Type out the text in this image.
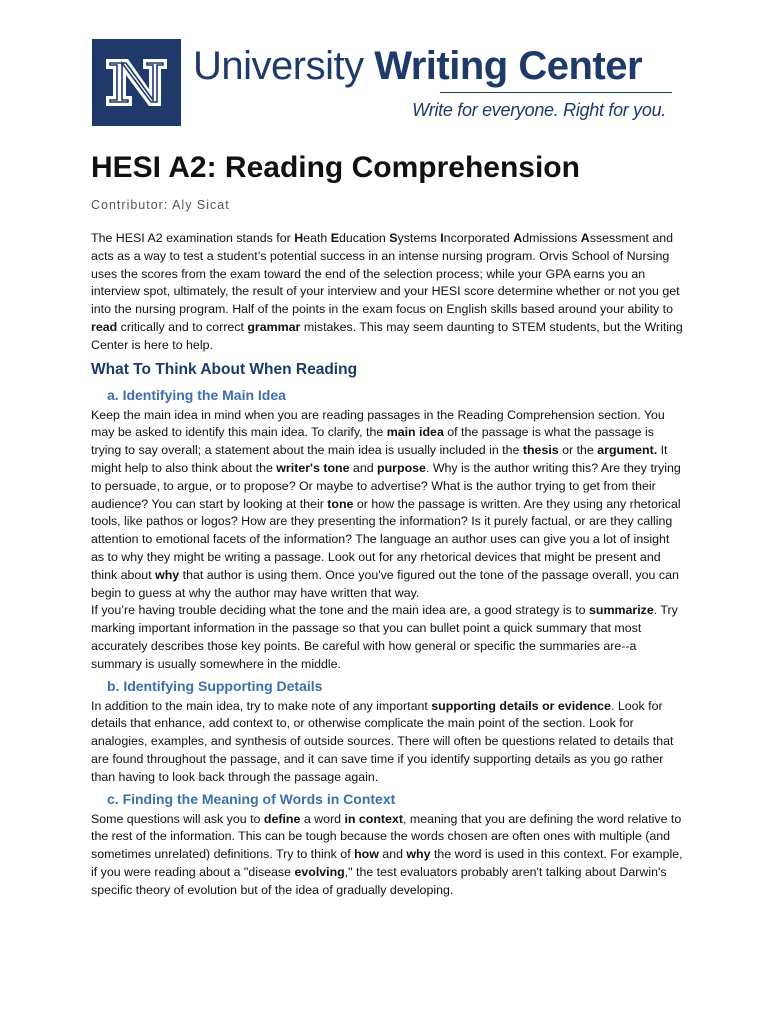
University Writing Center
Write for everyone. Right for you.
HESI A2: Reading Comprehension
Contributor: Aly Sicat

The HESI A2 examination stands for Heath Education Systems Incorporated Admissions Assessment and acts as a way to test a student’s potential success in an intense nursing program. Orvis School of Nursing uses the scores from the exam toward the end of the selection process; while your GPA earns you an interview spot, ultimately, the result of your interview and your HESI score determine whether or not you get into the nursing program. Half of the points in the exam focus on English skills based around your ability to read critically and to correct grammar mistakes. This may seem daunting to STEM students, but the Writing Center is here to help.

What To Think About When Reading
a. Identifying the Main Idea

Keep the main idea in mind when you are reading passages in the Reading Comprehension section. You may be asked to identify this main idea. To clarify, the main idea of the passage is what the passage is trying to say overall; a statement about the main idea is usually included in the thesis or the argument. It might help to also think about the writer's tone and purpose. Why is the author writing this? Are they trying to persuade, to argue, or to propose? Or maybe to advertise? What is the author trying to get from their audience? You can start by looking at their tone or how the passage is written. Are they using any rhetorical tools, like pathos or logos? How are they presenting the information? Is it purely factual, or are they calling attention to emotional facets of the information? The language an author uses can give you a lot of insight as to why they might be writing a passage. Look out for any rhetorical devices that might be present and think about why that author is using them. Once you've figured out the tone of the passage overall, you can begin to guess at why the author may have written that way.
If you’re having trouble deciding what the tone and the main idea are, a good strategy is to summarize. Try marking important information in the passage so that you can bullet point a quick summary that most accurately describes those key points. Be careful with how general or specific the summaries are--a summary is usually somewhere in the middle.

b. Identifying Supporting Details

In addition to the main idea, try to make note of any important supporting details or evidence. Look for details that enhance, add context to, or otherwise complicate the main point of the section. Look for analogies, examples, and synthesis of outside sources. There will often be questions related to details that are found throughout the passage, and it can save time if you identify supporting details as you go rather than having to look back through the passage again.

c. Finding the Meaning of Words in Context

Some questions will ask you to define a word in context, meaning that you are defining the word relative to the rest of the information. This can be tough because the words chosen are often ones with multiple (and sometimes unrelated) definitions. Try to think of how and why the word is used in this context. For example, if you were reading about a "disease evolving," the test evaluators probably aren't talking about Darwin's specific theory of evolution but of the idea of gradually developing.
